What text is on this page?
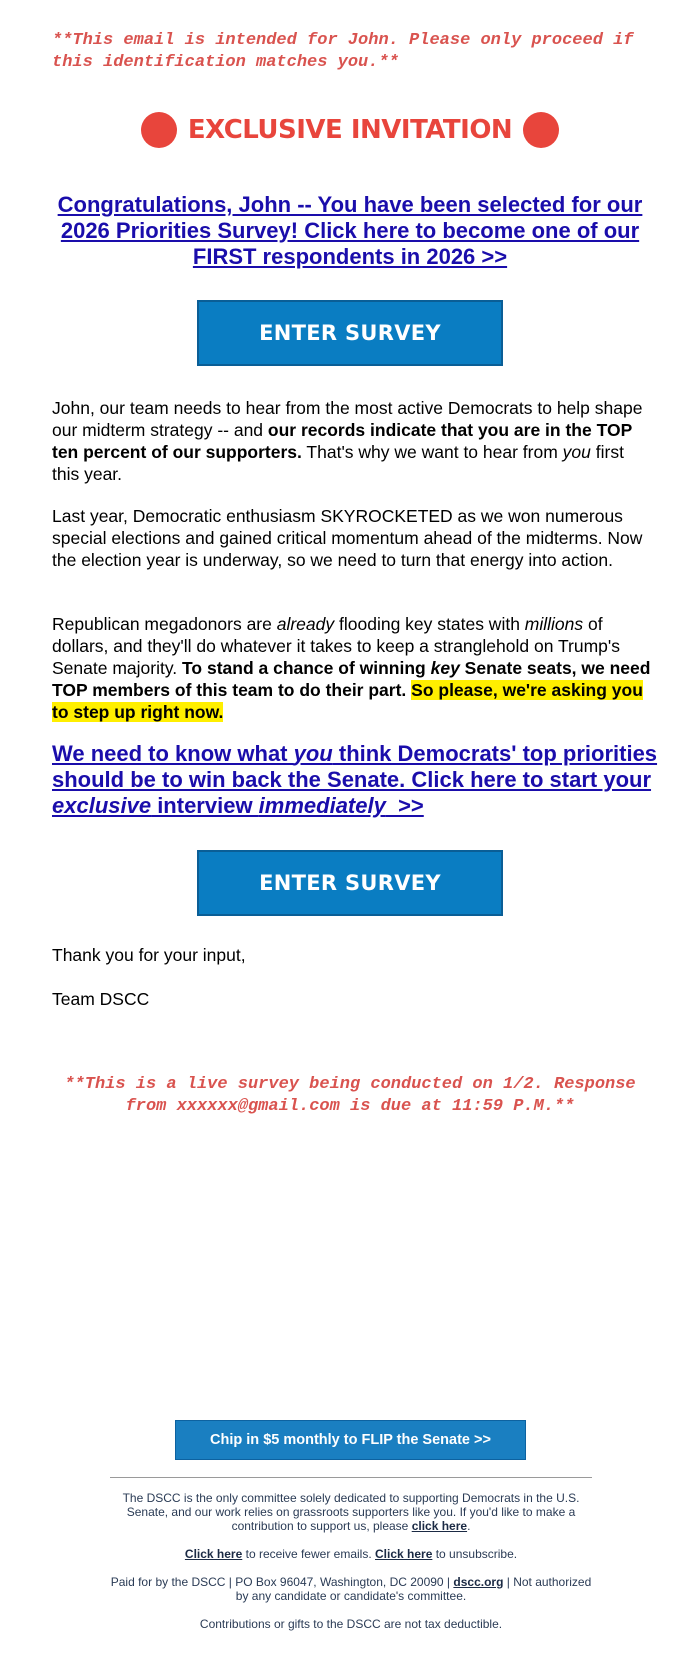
**This email is intended for John. Please only proceed if this identification matches you.**
EXCLUSIVE INVITATION
Congratulations, John -- You have been selected for our 2026 Priorities Survey! Click here to become one of our FIRST respondents in 2026 >>
ENTER SURVEY
John, our team needs to hear from the most active Democrats to help shape our midterm strategy -- and our records indicate that you are in the TOP ten percent of our supporters. That's why we want to hear from you first this year.
Last year, Democratic enthusiasm SKYROCKETED as we won numerous special elections and gained critical momentum ahead of the midterms. Now the election year is underway, so we need to turn that energy into action.
Republican megadonors are already flooding key states with millions of dollars, and they'll do whatever it takes to keep a stranglehold on Trump's Senate majority. To stand a chance of winning key Senate seats, we need TOP members of this team to do their part. So please, we're asking you to step up right now.
We need to know what you think Democrats' top priorities should be to win back the Senate. Click here to start your exclusive interview immediately  >>
ENTER SURVEY
Thank you for your input,
Team DSCC
**This is a live survey being conducted on 1/2. Response from xxxxxx@gmail.com is due at 11:59 P.M.**
Chip in $5 monthly to FLIP the Senate >>
The DSCC is the only committee solely dedicated to supporting Democrats in the U.S. Senate, and our work relies on grassroots supporters like you. If you'd like to make a contribution to support us, please click here.
Click here to receive fewer emails. Click here to unsubscribe.
Paid for by the DSCC | PO Box 96047, Washington, DC 20090 | dscc.org | Not authorized by any candidate or candidate's committee.
Contributions or gifts to the DSCC are not tax deductible.
